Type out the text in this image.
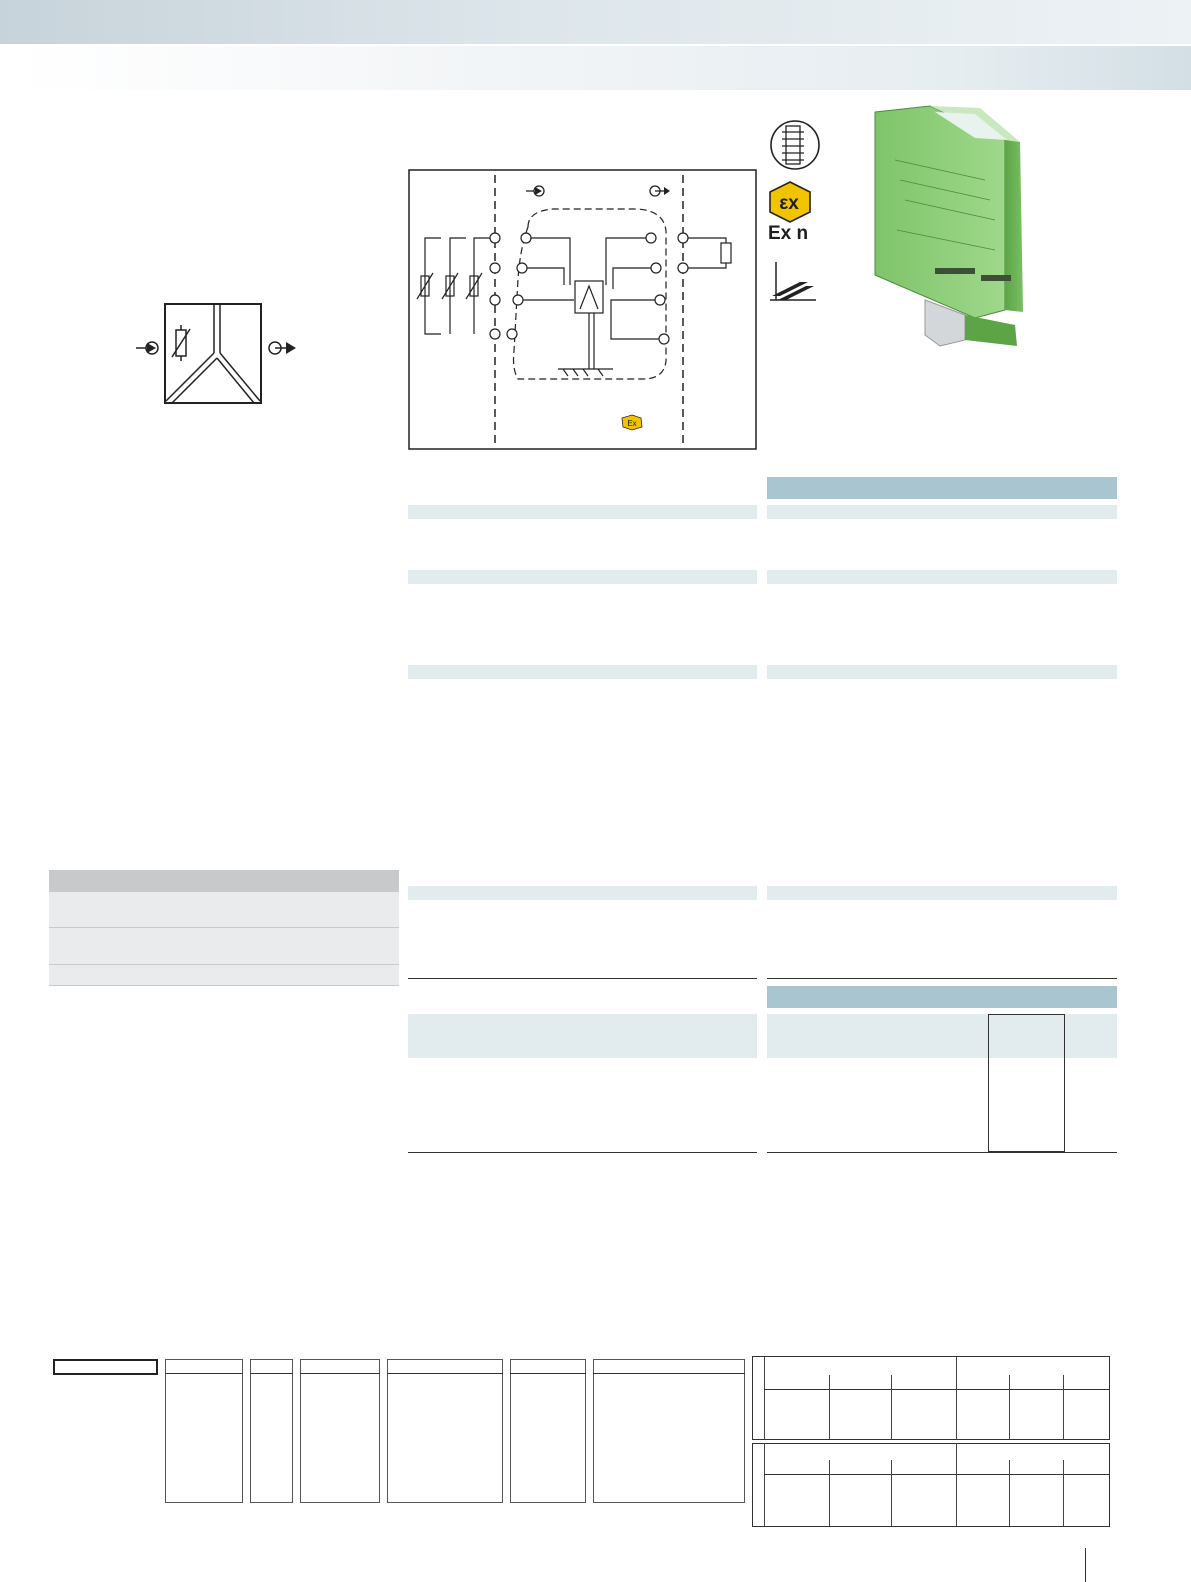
Ex
εx
Ex n
